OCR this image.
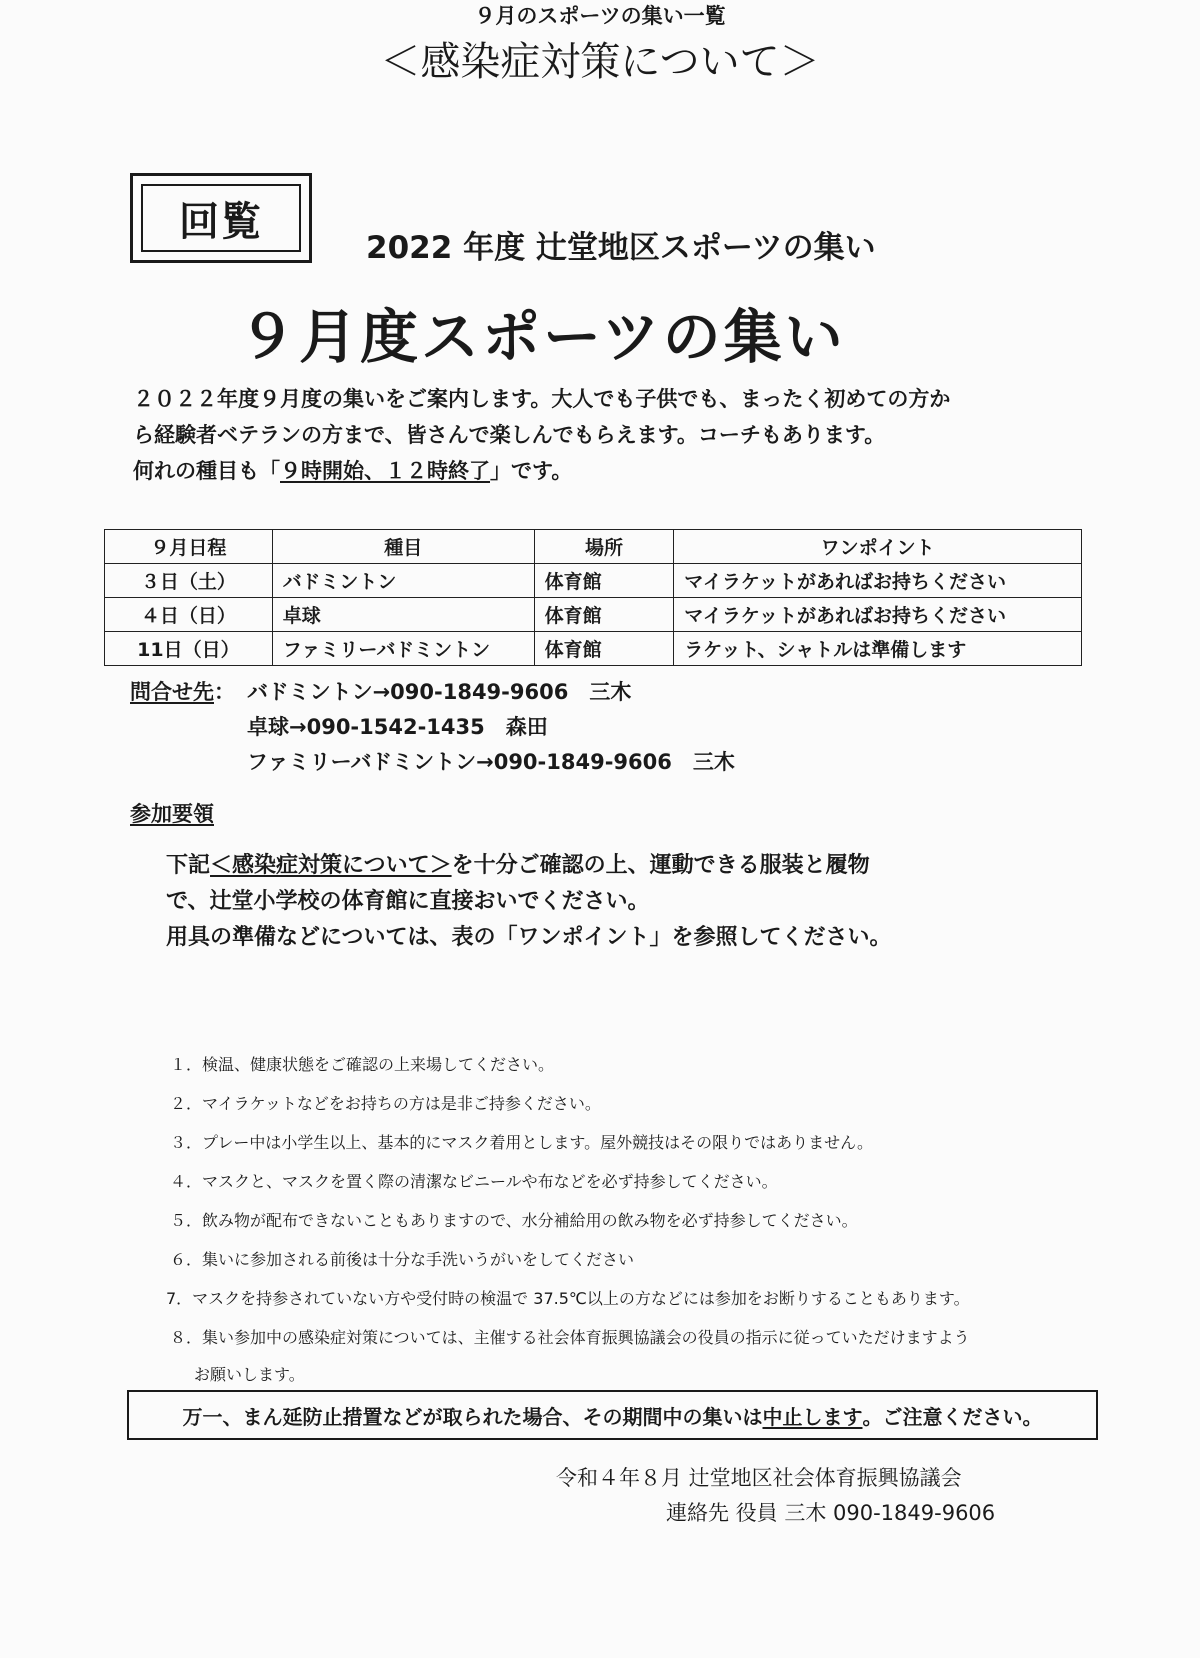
回覧
2022 年度 辻堂地区スポーツの集い
９月度スポーツの集い
２０２２年度９月度の集いをご案内します。大人でも子供でも、まったく初めての方か
ら経験者ベテランの方まで、皆さんで楽しんでもらえます。コーチもあります。
何れの種目も「９時開始、１２時終了」です。
９月のスポーツの集い一覧
９月日程	種目	場所	ワンポイント
３日（土）	バドミントン	体育館	マイラケットがあればお持ちください
４日（日）	卓球	体育館	マイラケットがあればお持ちください
11日（日）	ファミリーバドミントン	体育館	ラケット、シャトルは準備します
問合せ先： バドミントン→090-1849-9606　三木
卓球→090-1542-1435　森田
ファミリーバドミントン→090-1849-9606　三木
参加要領
下記＜感染症対策について＞を十分ご確認の上、運動できる服装と履物
で、辻堂小学校の体育館に直接おいでください。
用具の準備などについては、表の「ワンポイント」を参照してください。
＜感染症対策について＞
１．検温、健康状態をご確認の上来場してください。
２．マイラケットなどをお持ちの方は是非ご持参ください。
３．プレー中は小学生以上、基本的にマスク着用とします。屋外競技はその限りではありません。
４．マスクと、マスクを置く際の清潔なビニールや布などを必ず持参してください。
５．飲み物が配布できないこともありますので、水分補給用の飲み物を必ず持参してください。
６．集いに参加される前後は十分な手洗いうがいをしてください
7．マスクを持参されていない方や受付時の検温で 37.5℃以上の方などには参加をお断りすることもあります。
８．集い参加中の感染症対策については、主催する社会体育振興協議会の役員の指示に従っていただけますよう
お願いします。
万一、まん延防止措置などが取られた場合、その期間中の集いは 中止します 。ご注意ください。
令和４年８月 辻堂地区社会体育振興協議会
連絡先 役員 三木 090-1849-9606
